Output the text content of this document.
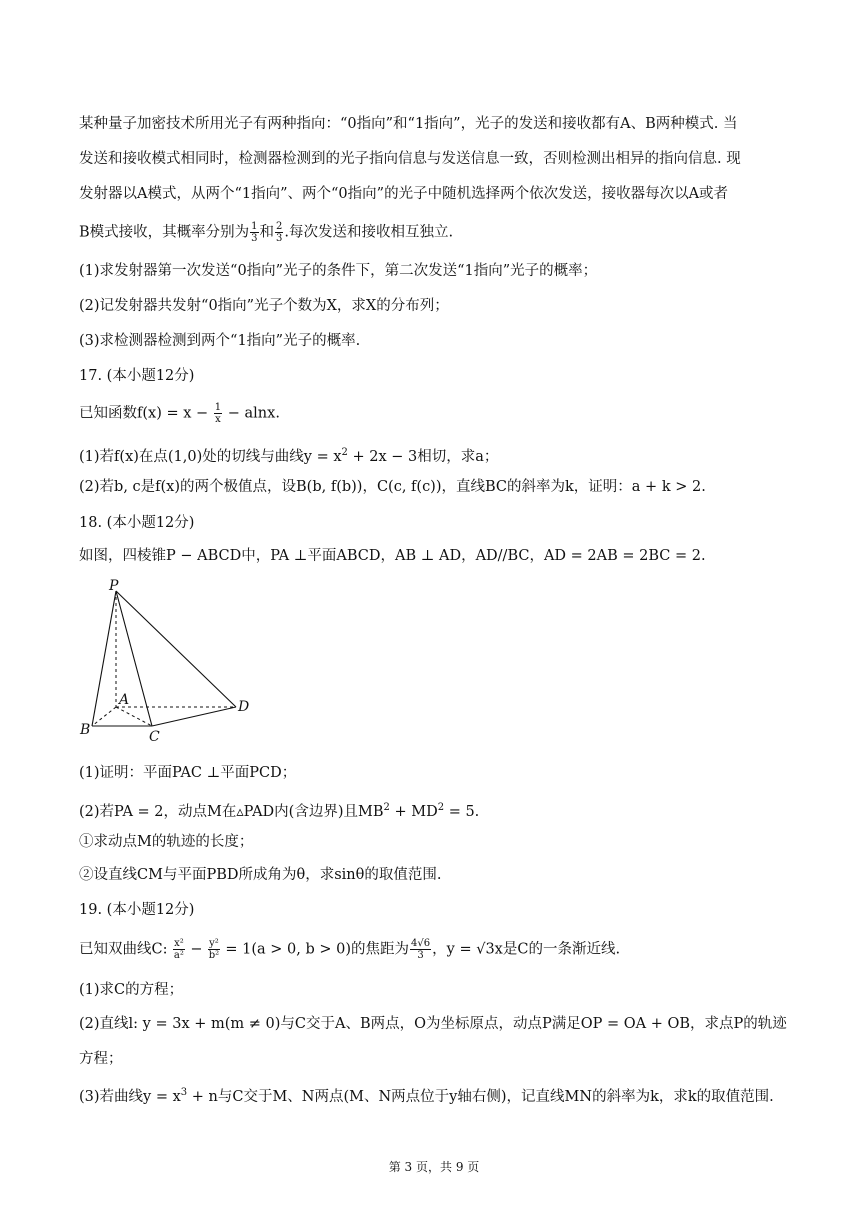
某种量子加密技术所用光子有两种指向：“0指向”和“1指向”，光子的发送和接收都有A、B两种模式. 当
发送和接收模式相同时，检测器检测到的光子指向信息与发送信息一致，否则检测出相异的指向信息. 现
发射器以A模式，从两个“1指向”、两个“0指向”的光子中随机选择两个依次发送，接收器每次以A或者
B模式接收，其概率分别为 $\frac{1}{3}$ 和 $\frac{2}{3}$ .每次发送和接收相互独立.
(1)求发射器第一次发送“0指向”光子的条件下，第二次发送“1指向”光子的概率；
(2)记发射器共发射“0指向”光子个数为X，求X的分布列；
(3)求检测器检测到两个“1指向”光子的概率.
17. (本小题12分)
已知函数$f(x) = x - \frac{1}{x} - alnx$.
(1)若f(x)在点(1,0)处的切线与曲线$y = x^2 + 2x - 3$相切，求a；
(2)若b, c是f(x)的两个极值点，设B(b, f(b))，C(c, f(c))，直线BC的斜率为k，证明：a + k > 2.
18. (本小题12分)
如图，四棱锥P − ABCD中，PA ⊥平面ABCD，AB ⊥ AD，AD//BC，AD = 2AB = 2BC = 2.
P
A
B	C
D
(1)证明：平面PAC ⊥平面PCD；
(2)若PA = 2，动点M在▵PAD内(含边界)且$MB^2 + MD^2 = 5$.
①求动点M的轨迹的长度；
②设直线CM与平面PBD所成角为θ，求sinθ的取值范围.
19. (本小题12分)
已知双曲线C: $\frac{\text{x²}}{\text{a²}} - \frac{\text{y²}}{\text{b²}} = 1(a > 0$, b > 0)的焦距为 $\frac{4√6}{3}$ ，y = √3x是C的一条渐近线.
(1)求C的方程；
(2)直线l: y = 3x + m(m ≠ 0)与C交于A、B两点，O为坐标原点，动点P满足OP = OA + OB，求点P的轨迹
方程；
(3)若曲线$y = x^3 + n$与C交于M、N两点(M、N两点位于y轴右侧)，记直线MN的斜率为k，求k的取值范围.
第 3 页，共 9 页
